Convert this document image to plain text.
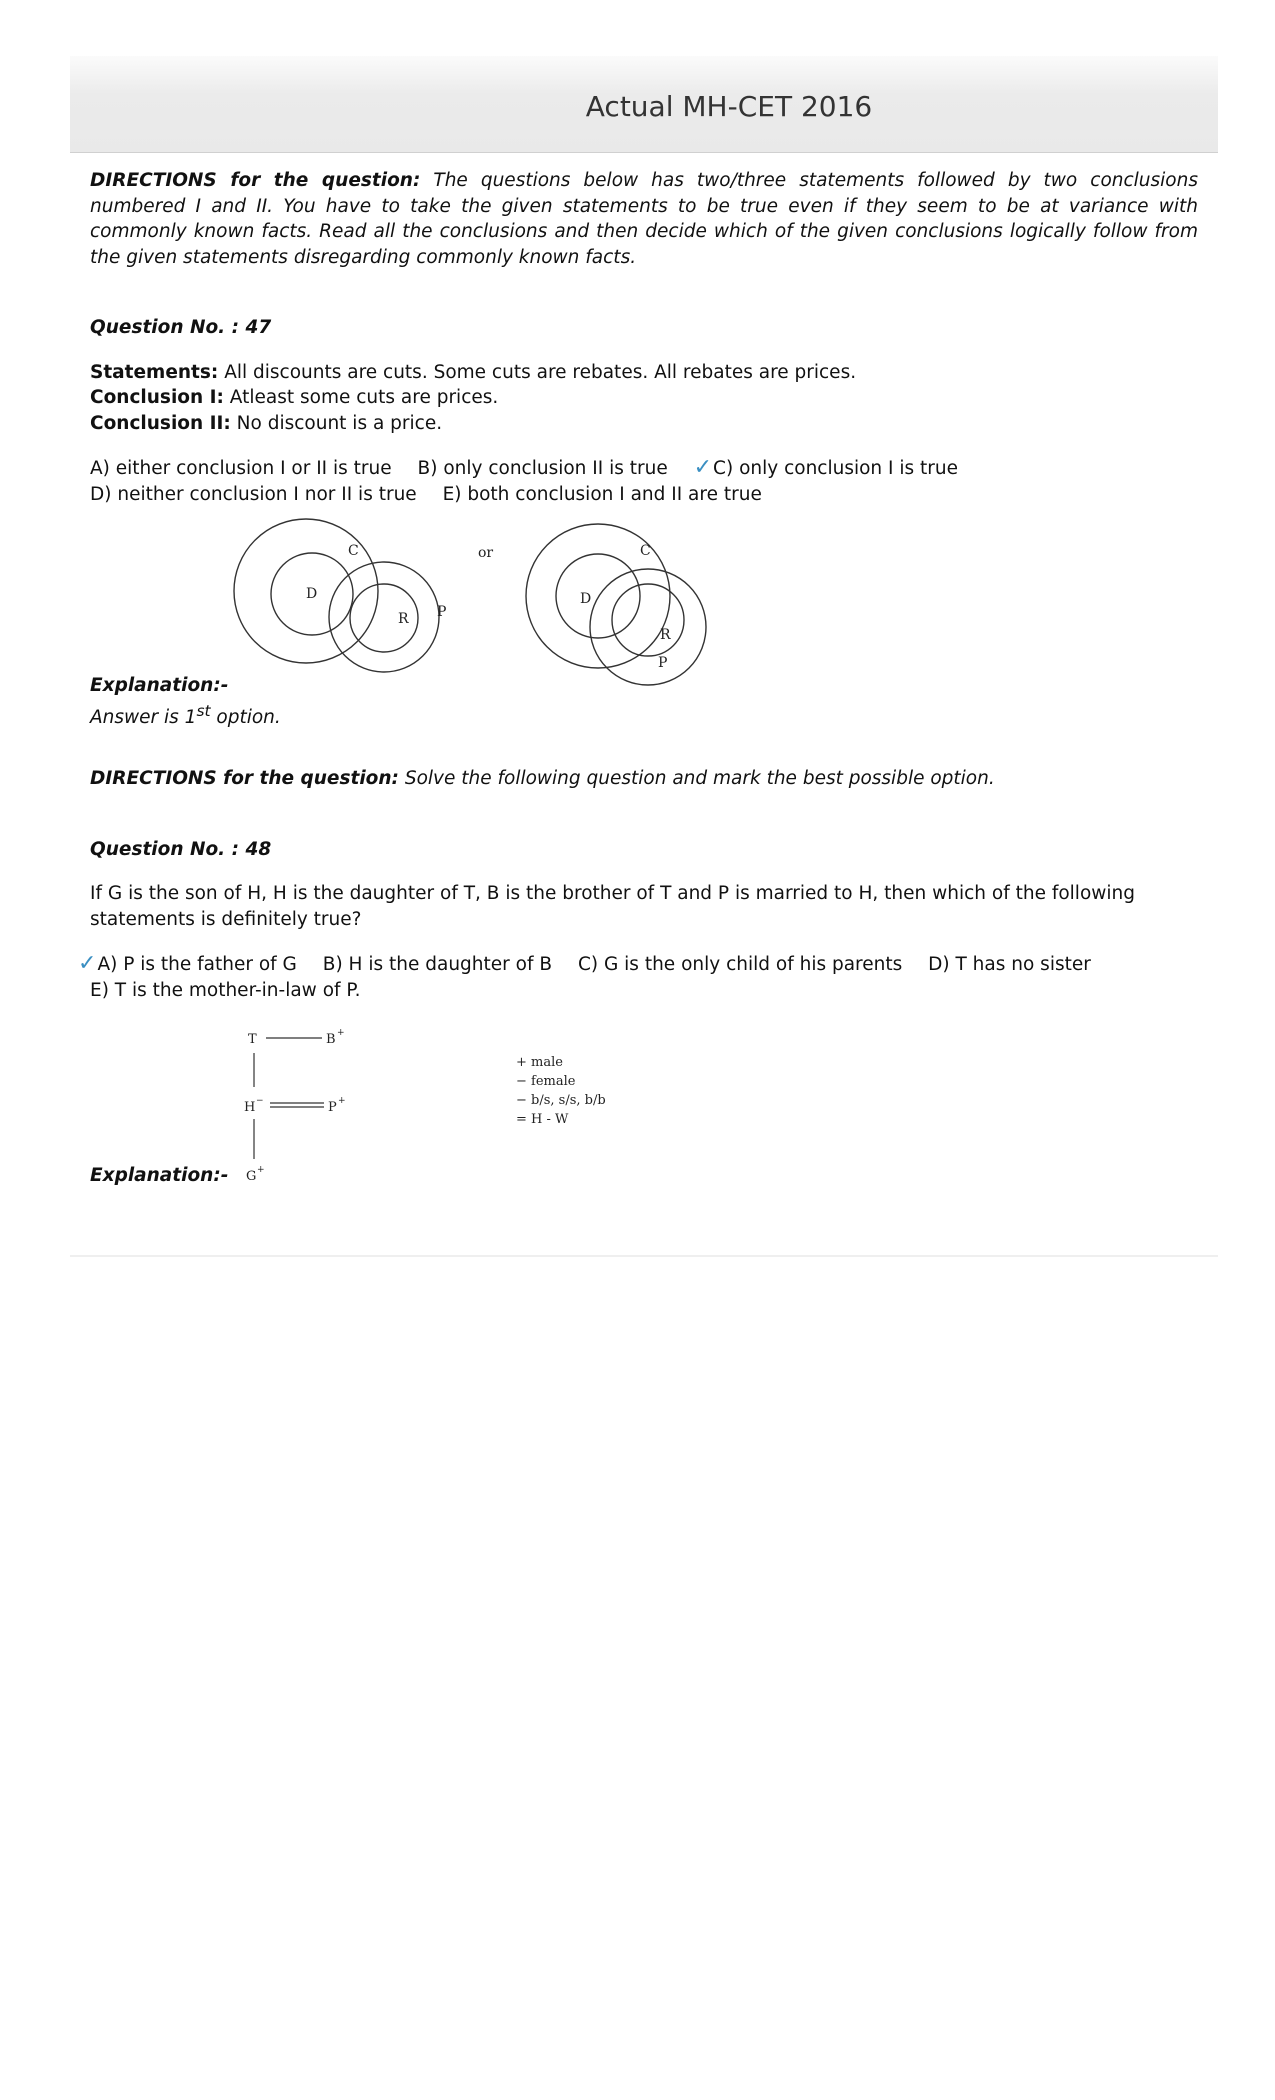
Actual MH-CET 2016

DIRECTIONS for the question: The questions below has two/three statements followed by two conclusions numbered I and II. You have to take the given statements to be true even if they seem to be at variance with commonly known facts. Read all the conclusions and then decide which of the given conclusions logically follow from the given statements disregarding commonly known facts.

Question No. : 47

Statements: All discounts are cuts. Some cuts are rebates. All rebates are prices.

Conclusion I: Atleast some cuts are prices.

Conclusion II: No discount is a price.

A) either conclusion I or II is true B) only conclusion II is true ✓C) only conclusion I is true

D) neither conclusion I nor II is true E) both conclusion I and II are true

C
D
R P
or	C
D
R
P

Explanation:-

Answer is 1st option.

DIRECTIONS for the question: Solve the following question and mark the best possible option.

Question No. : 48

If G is the son of H, H is the daughter of T, B is the brother of T and P is married to H, then which of the following statements is definitely true?

✓A) P is the father of G B) H is the daughter of B C) G is the only child of his parents D) T has no sister

E) T is the mother-in-law of P.

T	B +
H −	P +
G +
+ male
− female
− b/s, s/s, b/b
= H - W

Explanation:-
